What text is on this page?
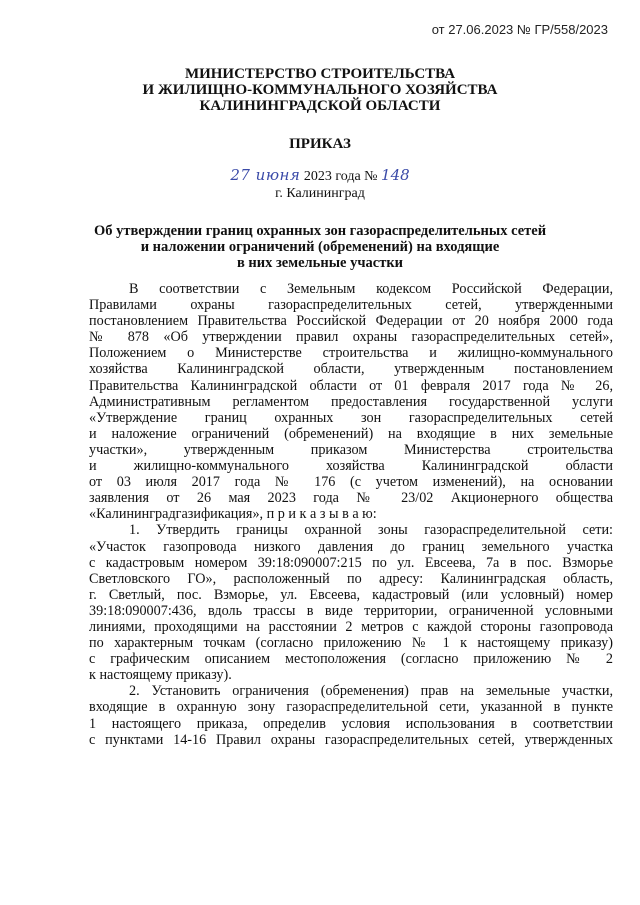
от 27.06.2023 № ГР/558/2023
МИНИСТЕРСТВО СТРОИТЕЛЬСТВА
И ЖИЛИЩНО-КОММУНАЛЬНОГО ХОЗЯЙСТВА
КАЛИНИНГРАДСКОЙ ОБЛАСТИ
ПРИКАЗ
27 июня 2023 года № 148
г. Калининград
Об утверждении границ охранных зон газораспределительных сетей
и наложении ограничений (обременений) на входящие
в них земельные участки
В соответствии с Земельным кодексом Российской Федерации,
Правилами охраны газораспределительных сетей, утвержденными
постановлением Правительства Российской Федерации от 20 ноября 2000 года
№ 878 «Об утверждении правил охраны газораспределительных сетей»,
Положением о Министерстве строительства и жилищно-коммунального
хозяйства Калининградской области, утвержденным постановлением
Правительства Калининградской области от 01 февраля 2017 года № 26,
Административным регламентом предоставления государственной услуги
«Утверждение границ охранных зон газораспределительных сетей
и наложение ограничений (обременений) на входящие в них земельные
участки», утвержденным приказом Министерства строительства
и жилищно-коммунального хозяйства Калининградской области
от 03 июля 2017 года № 176 (с учетом изменений), на основании
заявления от 26 мая 2023 года № 23/02 Акционерного общества
«Калининградгазификация», п р и к а з ы в а ю:
1. Утвердить границы охранной зоны газораспределительной сети:
«Участок газопровода низкого давления до границ земельного участка
с кадастровым номером 39:18:090007:215 по ул. Евсеева, 7а в пос. Взморье
Светловского ГО», расположенный по адресу: Калининградская область,
г. Светлый, пос. Взморье, ул. Евсеева, кадастровый (или условный) номер
39:18:090007:436, вдоль трассы в виде территории, ограниченной условными
линиями, проходящими на расстоянии 2 метров с каждой стороны газопровода
по характерным точкам (согласно приложению № 1 к настоящему приказу)
с графическим описанием местоположения (согласно приложению № 2
к настоящему приказу).
2. Установить ограничения (обременения) прав на земельные участки,
входящие в охранную зону газораспределительной сети, указанной в пункте
1 настоящего приказа, определив условия использования в соответствии
с пунктами 14-16 Правил охраны газораспределительных сетей, утвержденных
